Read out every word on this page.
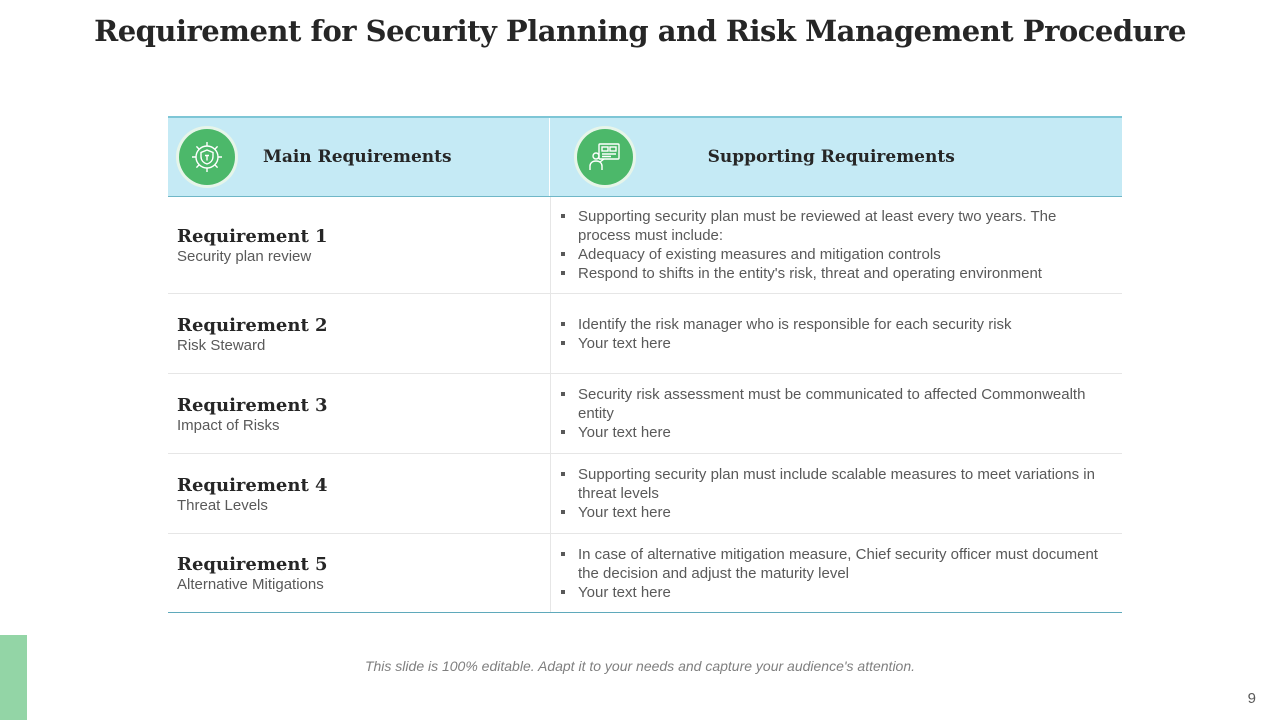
Requirement for Security Planning and Risk Management Procedure
Main Requirements	Supporting Requirements
Requirement 1
Security plan review
Supporting security plan must be reviewed at least every two years. The process must include:
Adequacy of existing measures and mitigation controls
Respond to shifts in the entity's risk, threat and operating environment
Requirement 2
Risk Steward
Identify the risk manager who is responsible for each security risk
Your text here
Requirement 3
Impact of Risks
Security risk assessment must be communicated to affected Commonwealth entity
Your text here
Requirement 4
Threat Levels
Supporting security plan must include scalable measures to meet variations in threat levels
Your text here
Requirement 5
Alternative Mitigations
In case of alternative mitigation measure, Chief security officer must document the decision and adjust the maturity level
Your text here
This slide is 100% editable. Adapt it to your needs and capture your audience's attention.
9
